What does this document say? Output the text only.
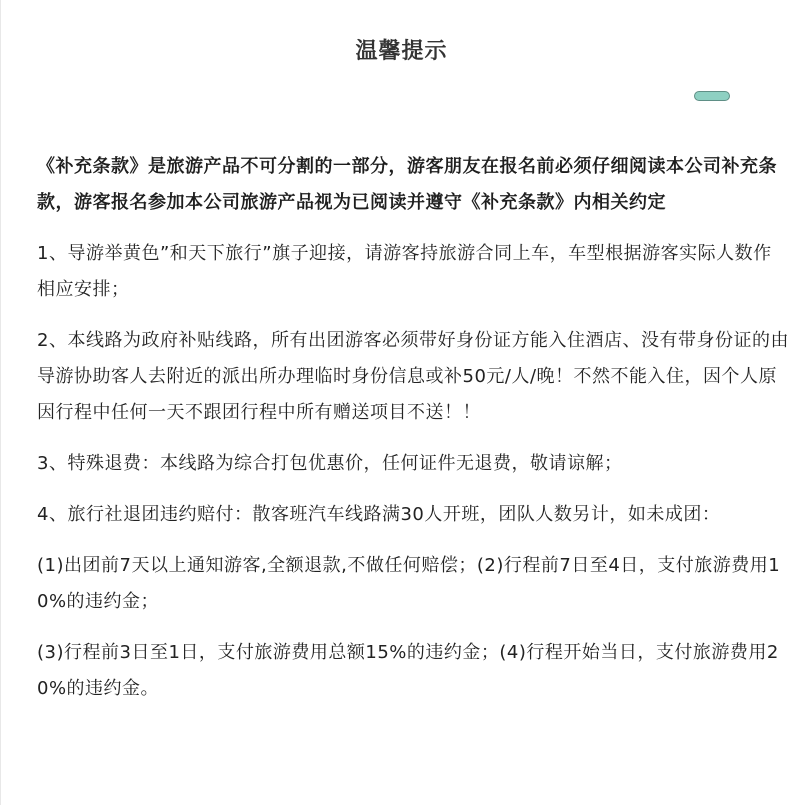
温馨提示

《补充条款》是旅游产品不可分割的一部分，游客朋友在报名前必须仔细阅读本公司补充条款，游客报名参加本公司旅游产品视为已阅读并遵守《补充条款》内相关约定

1、导游举黄色”和天下旅行”旗子迎接，请游客持旅游合同上车，车型根据游客实际人数作相应安排；

2、本线路为政府补贴线路，所有出团游客必须带好身份证方能入住酒店、没有带身份证的由导游协助客人去附近的派出所办理临时身份信息或补50元/人/晚！不然不能入住，因个人原因行程中任何一天不跟团行程中所有赠送项目不送！！

3、特殊退费：本线路为综合打包优惠价，任何证件无退费，敬请谅解；

4、旅行社退团违约赔付：散客班汽车线路满30人开班，团队人数另计，如未成团：

(1)出团前7天以上通知游客,全额退款,不做任何赔偿；(2)行程前7日至4日，支付旅游费用10%的违约金；

(3)行程前3日至1日，支付旅游费用总额15%的违约金；(4)行程开始当日，支付旅游费用20%的违约金。
